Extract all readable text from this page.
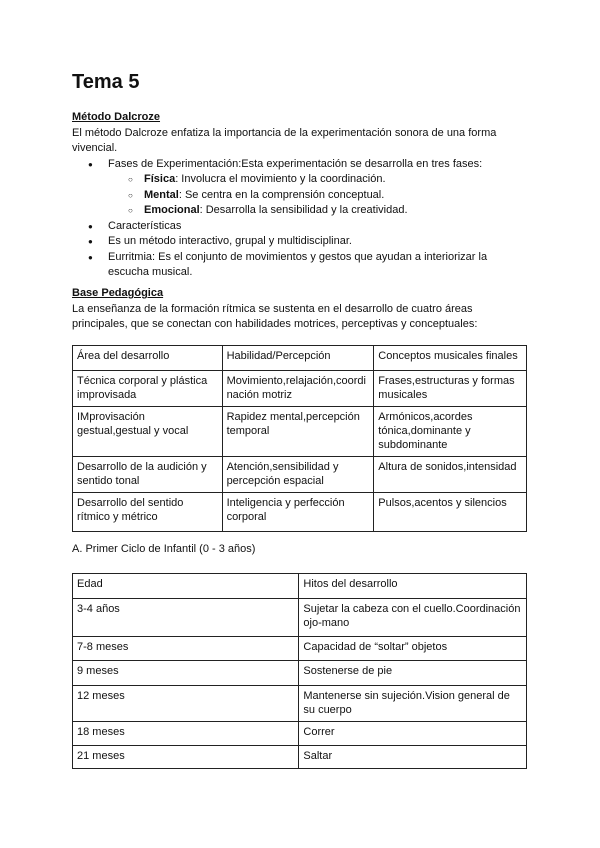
Tema 5
Método Dalcroze
El método Dalcroze enfatiza la importancia de la experimentación sonora de una forma vivencial.
● Fases de Experimentación:Esta experimentación se desarrolla en tres fases:
○ Física: Involucra el movimiento y la coordinación.
○ Mental: Se centra en la comprensión conceptual.
○ Emocional: Desarrolla la sensibilidad y la creatividad.
● Características
● Es un método interactivo, grupal y multidisciplinar.
● Eurritmia: Es el conjunto de movimientos y gestos que ayudan a interiorizar la escucha musical.
Base Pedagógica
La enseñanza de la formación rítmica se sustenta en el desarrollo de cuatro áreas principales, que se conectan con habilidades motrices, perceptivas y conceptuales:
Área del desarrollo	Habilidad/Percepción	Conceptos musicales finales
Técnica corporal y plástica improvisada	Movimiento,relajación,coordinación motriz	Frases,estructuras y formas musicales
IMprovisación gestual,gestual y vocal	Rapidez mental,percepción temporal	Armónicos,acordes tónica,dominante y subdominante
Desarrollo de la audición y sentido tonal	Atención,sensibilidad y percepción espacial	Altura de sonidos,intensidad
Desarrollo del sentido rítmico y métrico	Inteligencia y perfección corporal	Pulsos,acentos y silencios
A. Primer Ciclo de Infantil (0 - 3 años)
Edad	Hitos del desarrollo
3-4 años	Sujetar la cabeza con el cuello.Coordinación ojo-mano
7-8 meses	Capacidad de “soltar” objetos
9 meses	Sostenerse de pie
12 meses	Mantenerse sin sujeción.Vision general de su cuerpo
18 meses	Correr
21 meses	Saltar
